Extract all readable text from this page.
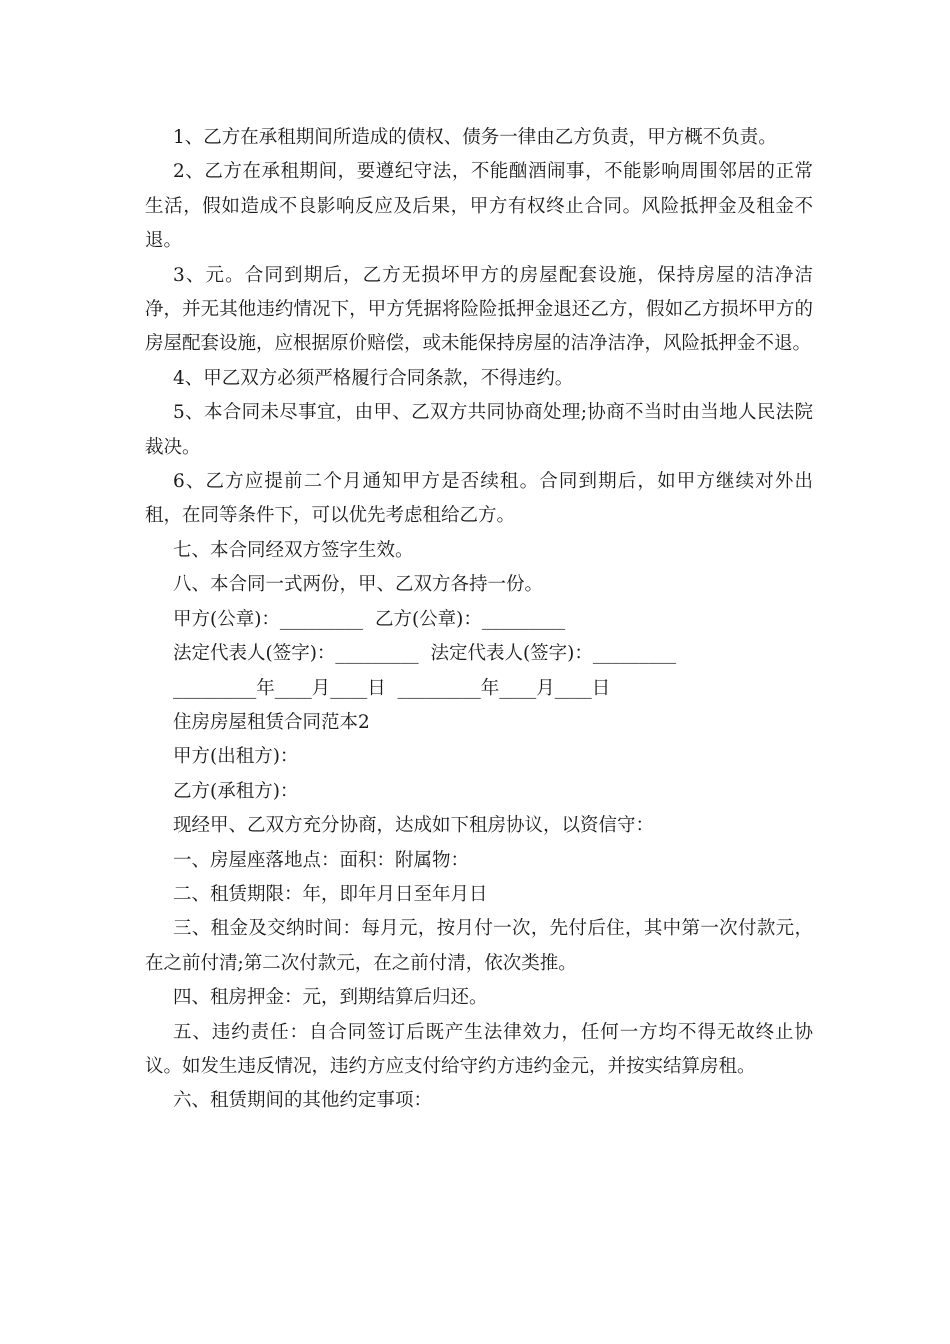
1、乙方在承租期间所造成的债权、债务一律由乙方负责，甲方概不负责。

2、乙方在承租期间，要遵纪守法，不能酗酒闹事，不能影响周围邻居的正常生活，假如造成不良影响反应及后果，甲方有权终止合同。风险抵押金及租金不退。

3、元。合同到期后，乙方无损坏甲方的房屋配套设施，保持房屋的洁净洁净，并无其他违约情况下，甲方凭据将险险抵押金退还乙方，假如乙方损坏甲方的房屋配套设施，应根据原价赔偿，或未能保持房屋的洁净洁净，风险抵押金不退。

4、甲乙双方必须严格履行合同条款，不得违约。

5、本合同未尽事宜，由甲、乙双方共同协商处理;协商不当时由当地人民法院裁决。

6、乙方应提前二个月通知甲方是否续租。合同到期后，如甲方继续对外出租，在同等条件下，可以优先考虑租给乙方。

七、本合同经双方签字生效。

八、本合同一式两份，甲、乙双方各持一份。

甲方(公章)：_________  乙方(公章)：_________

法定代表人(签字)：_________  法定代表人(签字)：_________

_________年____月____日  _________年____月____日

住房房屋租赁合同范本2

甲方(出租方)：

乙方(承租方)：

现经甲、乙双方充分协商，达成如下租房协议，以资信守：

一、房屋座落地点：面积：附属物：

二、租赁期限：年，即年月日至年月日

三、租金及交纳时间：每月元，按月付一次，先付后住，其中第一次付款元，在之前付清;第二次付款元，在之前付清，依次类推。

四、租房押金：元，到期结算后归还。

五、违约责任：自合同签订后既产生法律效力，任何一方均不得无故终止协议。如发生违反情况，违约方应支付给守约方违约金元，并按实结算房租。

六、租赁期间的其他约定事项：
